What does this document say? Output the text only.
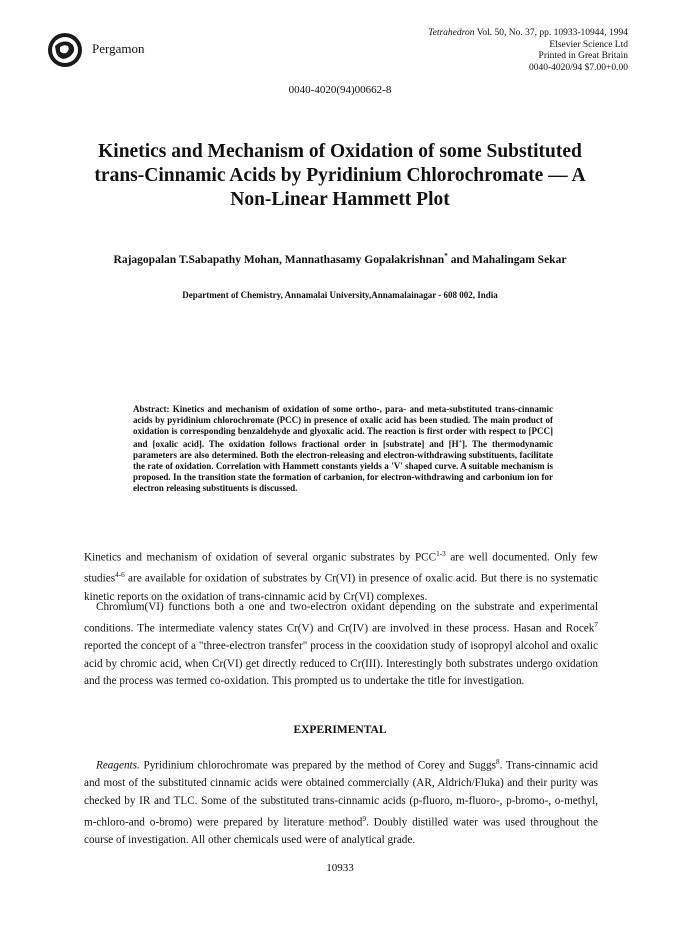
Pergamon
Tetrahedron Vol. 50, No. 37, pp. 10933-10944, 1994
Elsevier Science Ltd
Printed in Great Britain
0040-4020/94 $7.00+0.00
0040-4020(94)00662-8
Kinetics and Mechanism of Oxidation of some Substituted
trans-Cinnamic Acids by Pyridinium Chlorochromate — A
Non-Linear Hammett Plot
Rajagopalan T.Sabapathy Mohan, Mannathasamy Gopalakrishnan* and Mahalingam Sekar
Department of Chemistry, Annamalai University,Annamalainagar - 608 002, India
Abstract: Kinetics and mechanism of oxidation of some ortho-, para- and meta-substituted trans-cinnamic acids by pyridinium chlorochromate (PCC) in presence of oxalic acid has been studied. The main product of oxidation is corresponding benzaldehyde and glyoxalic acid. The reaction is first order with respect to [PCC] and [oxalic acid]. The oxidation follows fractional order in [substrate] and [H+]. The thermodynamic parameters are also determined. Both the electron-releasing and electron-withdrawing substituents, facilitate the rate of oxidation. Correlation with Hammett constants yields a 'V' shaped curve. A suitable mechanism is proposed. In the transition state the formation of carbanion, for electron-withdrawing and carbonium ion for electron releasing substituents is discussed.
Kinetics and mechanism of oxidation of several organic substrates by PCC$^{1-3}$ are well documented. Only few studies$^{4-6}$ are available for oxidation of substrates by Cr(VI) in presence of oxalic acid. But there is no systematic kinetic reports on the oxidation of trans-cinnamic acid by Cr(VI) complexes.
Chromium(VI) functions both a one and two-electron oxidant depending on the substrate and experimental conditions. The intermediate valency states Cr(V) and Cr(IV) are involved in these process. Hasan and Rocek$^7$ reported the concept of a "three-electron transfer" process in the cooxidation study of isopropyl alcohol and oxalic acid by chromic acid, when Cr(VI) get directly reduced to Cr(III). Interestingly both substrates undergo oxidation and the process was termed co-oxidation. This prompted us to undertake the title for investigation.
EXPERIMENTAL
Reagents. Pyridinium chlorochromate was prepared by the method of Corey and Suggs$^8$. Trans-cinnamic acid and most of the substituted cinnamic acids were obtained commercially (AR, Aldrich/Fluka) and their purity was checked by IR and TLC. Some of the substituted trans-cinnamic acids (p-fluoro, m-fluoro-, p-bromo-, o-methyl, m-chloro-and o-bromo) were prepared by literature method$^9$. Doubly distilled water was used throughout the course of investigation. All other chemicals used were of analytical grade.
10933
